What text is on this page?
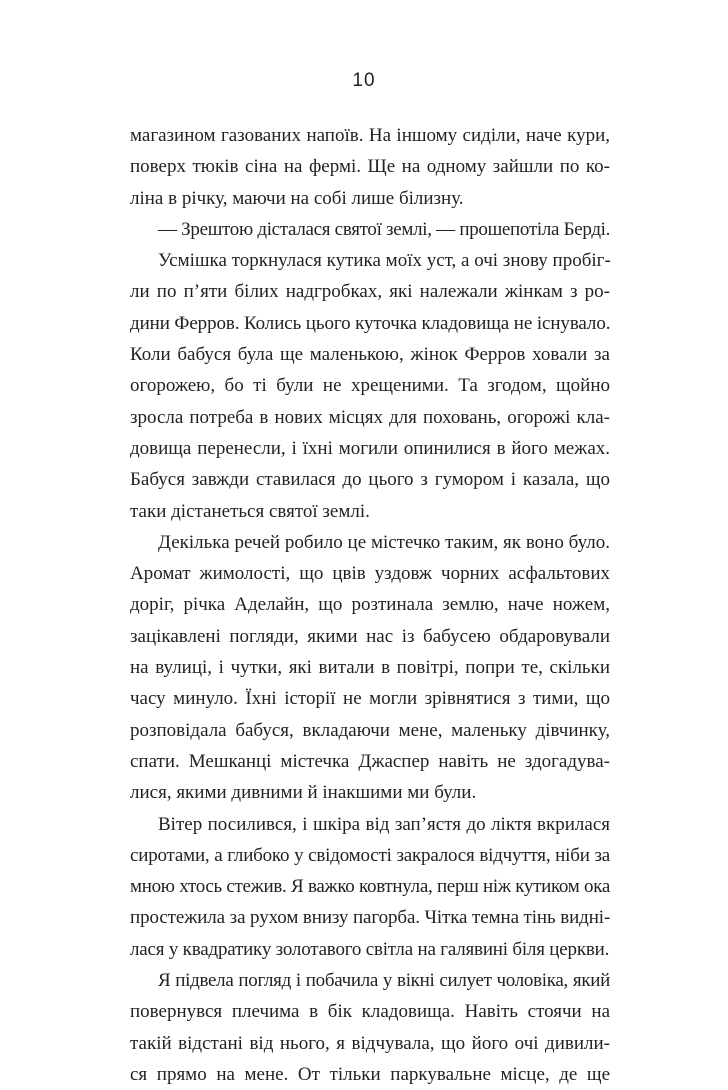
10
магазином газованих напоїв. На іншому сиділи, наче кури,
поверх тюків сіна на фермі. Ще на одному зайшли по ко-
ліна в річку, маючи на собі лише білизну.
— Зрештою дісталася святої землі, — прошепотіла Берді.
Усмішка торкнулася кутика моїх уст, а очі знову пробіг-
ли по п’яти білих надгробках, які належали жінкам з ро-
дини Ферров. Колись цього куточка кладовища не існувало.
Коли бабуся була ще маленькою, жінок Ферров ховали за
огорожею, бо ті були не хрещеними. Та згодом, щойно
зросла потреба в нових місцях для поховань, огорожі кла-
довища перенесли, і їхні могили опинилися в його межах.
Бабуся завжди ставилася до цього з гумором і казала, що
таки дістанеться святої землі.
Декілька речей робило це містечко таким, як воно було.
Аромат жимолості, що цвів уздовж чорних асфальтових
доріг, річка Аделайн, що розтинала землю, наче ножем,
зацікавлені погляди, якими нас із бабусею обдаровували
на вулиці, і чутки, які витали в повітрі, попри те, скільки
часу минуло. Їхні історії не могли зрівнятися з тими, що
розповідала бабуся, вкладаючи мене, маленьку дівчинку,
спати. Мешканці містечка Джаспер навіть не здогадува-
лися, якими дивними й інакшими ми були.
Вітер посилився, і шкіра від зап’ястя до ліктя вкрилася
сиротами, а глибоко у свідомості закралося відчуття, ніби за
мною хтось стежив. Я важко ковтнула, перш ніж кутиком ока
простежила за рухом внизу пагорба. Чітка темна тінь видні-
лася у квадратику золотавого світла на галявині біля церкви.
Я підвела погляд і побачила у вікні силует чоловіка, який
повернувся плечима в бік кладовища. Навіть стоячи на
такій відстані від нього, я відчувала, що його очі дивили-
ся прямо на мене. От тільки паркувальне місце, де ще
